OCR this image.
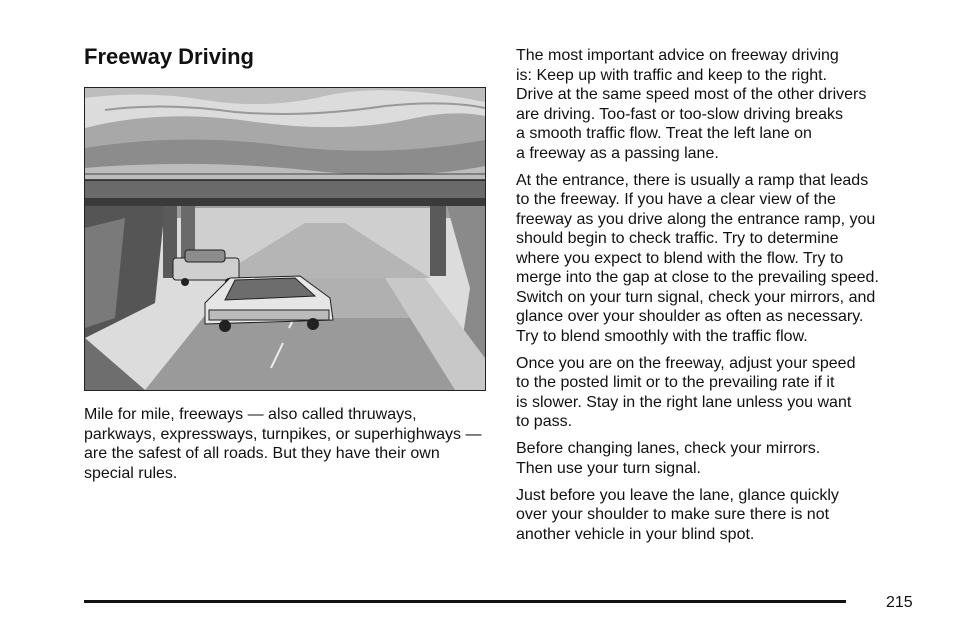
Freeway Driving

Mile for mile, freeways — also called thruways, parkways, expressways, turnpikes, or superhighways — are the safest of all roads. But they have their own special rules.

The most important advice on freeway driving
is: Keep up with traffic and keep to the right.
Drive at the same speed most of the other drivers
are driving. Too-fast or too-slow driving breaks
a smooth traffic flow. Treat the left lane on
a freeway as a passing lane.

At the entrance, there is usually a ramp that leads
to the freeway. If you have a clear view of the
freeway as you drive along the entrance ramp, you
should begin to check traffic. Try to determine
where you expect to blend with the flow. Try to
merge into the gap at close to the prevailing speed.
Switch on your turn signal, check your mirrors, and
glance over your shoulder as often as necessary.
Try to blend smoothly with the traffic flow.

Once you are on the freeway, adjust your speed
to the posted limit or to the prevailing rate if it
is slower. Stay in the right lane unless you want
to pass.

Before changing lanes, check your mirrors.
Then use your turn signal.

Just before you leave the lane, glance quickly
over your shoulder to make sure there is not
another vehicle in your blind spot.

215
